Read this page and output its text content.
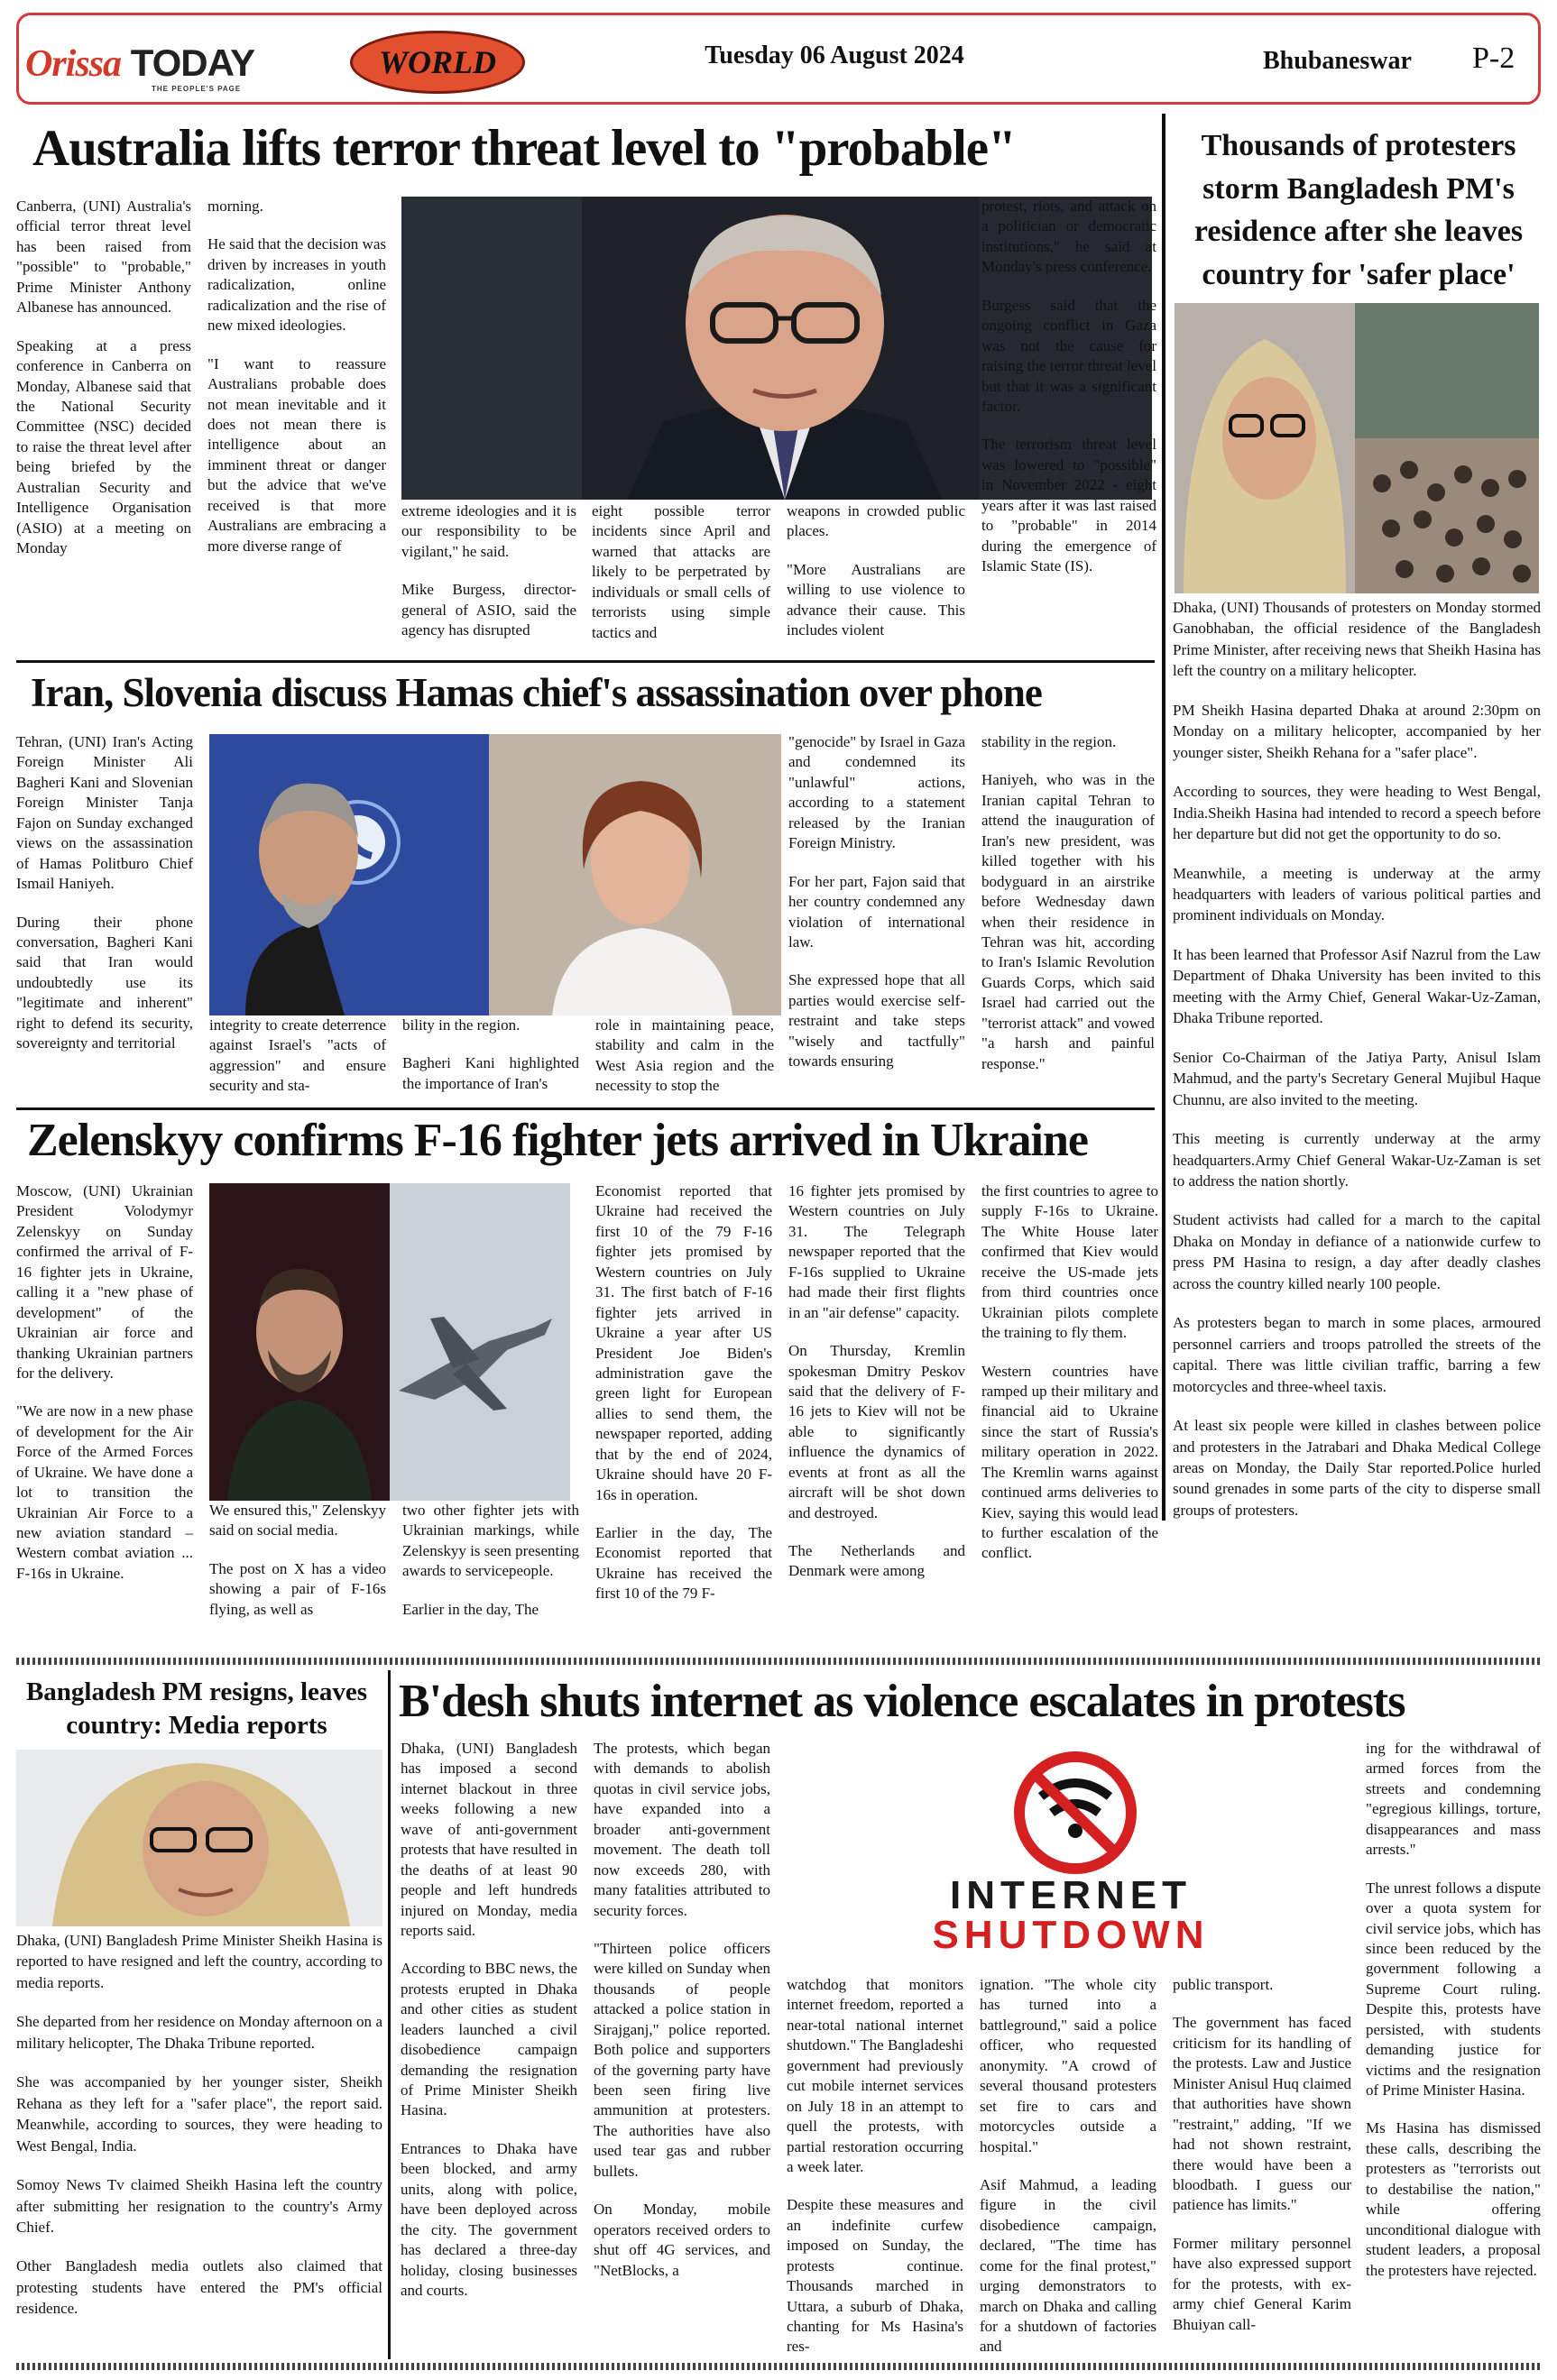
Orissa TODAY
THE PEOPLE'S PAGE
WORLD	Tuesday 06 August 2024	Bhubaneswar P-2
Australia lifts terror threat level to "probable"

Canberra, (UNI) Australia's official terror threat level has been raised from "possible" to "probable," Prime Minister Anthony Albanese has announced.

Speaking at a press conference in Canberra on Monday, Albanese said that the National Security Committee (NSC) decided to raise the threat level after being briefed by the Australian Security and Intelligence Organisation (ASIO) at a meeting on Monday

morning.

He said that the decision was driven by increases in youth radicalization, online radicalization and the rise of new mixed ideologies.

"I want to reassure Australians probable does not mean inevitable and it does not mean there is intelligence about an imminent threat or danger but the advice that we've received is that more Australians are embracing a more diverse range of

extreme ideologies and it is our responsibility to be vigilant," he said.

Mike Burgess, director-general of ASIO, said the agency has disrupted

eight possible terror incidents since April and warned that attacks are likely to be perpetrated by individuals or small cells of terrorists using simple tactics and

weapons in crowded public places.

"More Australians are willing to use violence to advance their cause. This includes violent

protest, riots, and attack on a politician or democratic institutions," he said at Monday's press conference.

Burgess said that the ongoing conflict in Gaza was not the cause for raising the terror threat level but that it was a significant factor.

The terrorism threat level was lowered to "possible" in November 2022 - eight years after it was last raised to "probable" in 2014 during the emergence of Islamic State (IS).

Iran, Slovenia discuss Hamas chief's assassination over phone

Tehran, (UNI) Iran's Acting Foreign Minister Ali Bagheri Kani and Slovenian Foreign Minister Tanja Fajon on Sunday exchanged views on the assassination of Hamas Politburo Chief Ismail Haniyeh.

During their phone conversation, Bagheri Kani said that Iran would undoubtedly use its "legitimate and inherent" right to defend its security, sovereignty and territorial

integrity to create deterrence against Israel's "acts of aggression" and ensure security and sta-

bility in the region.

Bagheri Kani highlighted the importance of Iran's

role in maintaining peace, stability and calm in the West Asia region and the necessity to stop the

"genocide" by Israel in Gaza and condemned its "unlawful" actions, according to a statement released by the Iranian Foreign Ministry.

For her part, Fajon said that her country condemned any violation of international law.

She expressed hope that all parties would exercise self-restraint and take steps "wisely and tactfully" towards ensuring

stability in the region.

Haniyeh, who was in the Iranian capital Tehran to attend the inauguration of Iran's new president, was killed together with his bodyguard in an airstrike before Wednesday dawn when their residence in Tehran was hit, according to Iran's Islamic Revolution Guards Corps, which said Israel had carried out the "terrorist attack" and vowed "a harsh and painful response."

Zelenskyy confirms F-16 fighter jets arrived in Ukraine

Moscow, (UNI) Ukrainian President Volodymyr Zelenskyy on Sunday confirmed the arrival of F-16 fighter jets in Ukraine, calling it a "new phase of development" of the Ukrainian air force and thanking Ukrainian partners for the delivery.

"We are now in a new phase of development for the Air Force of the Armed Forces of Ukraine. We have done a lot to transition the Ukrainian Air Force to a new aviation standard – Western combat aviation ... F-16s in Ukraine.

We ensured this," Zelenskyy said on social media.

The post on X has a video showing a pair of F-16s flying, as well as

two other fighter jets with Ukrainian markings, while Zelenskyy is seen presenting awards to servicepeople.

Earlier in the day, The

Economist reported that Ukraine had received the first 10 of the 79 F-16 fighter jets promised by Western countries on July 31. The first batch of F-16 fighter jets arrived in Ukraine a year after US President Joe Biden's administration gave the green light for European allies to send them, the newspaper reported, adding that by the end of 2024, Ukraine should have 20 F-16s in operation.

Earlier in the day, The Economist reported that Ukraine has received the first 10 of the 79 F-

16 fighter jets promised by Western countries on July 31. The Telegraph newspaper reported that the F-16s supplied to Ukraine had made their first flights in an "air defense" capacity.

On Thursday, Kremlin spokesman Dmitry Peskov said that the delivery of F-16 jets to Kiev will not be able to significantly influence the dynamics of events at front as all the aircraft will be shot down and destroyed.

The Netherlands and Denmark were among

the first countries to agree to supply F-16s to Ukraine. The White House later confirmed that Kiev would receive the US-made jets from third countries once Ukrainian pilots complete the training to fly them.

Western countries have ramped up their military and financial aid to Ukraine since the start of Russia's military operation in 2022. The Kremlin warns against continued arms deliveries to Kiev, saying this would lead to further escalation of the conflict.

Thousands of protesters storm Bangladesh PM's residence after she leaves country for 'safer place'

Dhaka, (UNI) Thousands of protesters on Monday stormed Ganobhaban, the official residence of the Bangladesh Prime Minister, after receiving news that Sheikh Hasina has left the country on a military helicopter.

PM Sheikh Hasina departed Dhaka at around 2:30pm on Monday on a military helicopter, accompanied by her younger sister, Sheikh Rehana for a "safer place".

According to sources, they were heading to West Bengal, India.Sheikh Hasina had intended to record a speech before her departure but did not get the opportunity to do so.

Meanwhile, a meeting is underway at the army headquarters with leaders of various political parties and prominent individuals on Monday.

It has been learned that Professor Asif Nazrul from the Law Department of Dhaka University has been invited to this meeting with the Army Chief, General Wakar-Uz-Zaman, Dhaka Tribune reported.

Senior Co-Chairman of the Jatiya Party, Anisul Islam Mahmud, and the party's Secretary General Mujibul Haque Chunnu, are also invited to the meeting.

This meeting is currently underway at the army headquarters.Army Chief General Wakar-Uz-Zaman is set to address the nation shortly.

Student activists had called for a march to the capital Dhaka on Monday in defiance of a nationwide curfew to press PM Hasina to resign, a day after deadly clashes across the country killed nearly 100 people.

As protesters began to march in some places, armoured personnel carriers and troops patrolled the streets of the capital. There was little civilian traffic, barring a few motorcycles and three-wheel taxis.

At least six people were killed in clashes between police and protesters in the Jatrabari and Dhaka Medical College areas on Monday, the Daily Star reported.Police hurled sound grenades in some parts of the city to disperse small groups of protesters.

Bangladesh PM resigns, leaves country: Media reports

Dhaka, (UNI) Bangladesh Prime Minister Sheikh Hasina is reported to have resigned and left the country, according to media reports.

She departed from her residence on Monday afternoon on a military helicopter, The Dhaka Tribune reported.

She was accompanied by her younger sister, Sheikh Rehana as they left for a "safer place", the report said. Meanwhile, according to sources, they were heading to West Bengal, India.

Somoy News Tv claimed Sheikh Hasina left the country after submitting her resignation to the country's Army Chief.

Other Bangladesh media outlets also claimed that protesting students have entered the PM's official residence.

B'desh shuts internet as violence escalates in protests

Dhaka, (UNI) Bangladesh has imposed a second internet blackout in three weeks following a new wave of anti-government protests that have resulted in the deaths of at least 90 people and left hundreds injured on Monday, media reports said.

According to BBC news, the protests erupted in Dhaka and other cities as student leaders launched a civil disobedience campaign demanding the resignation of Prime Minister Sheikh Hasina.

Entrances to Dhaka have been blocked, and army units, along with police, have been deployed across the city. The government has declared a three-day holiday, closing businesses and courts.

The protests, which began with demands to abolish quotas in civil service jobs, have expanded into a broader anti-government movement. The death toll now exceeds 280, with many fatalities attributed to security forces.

"Thirteen police officers were killed on Sunday when thousands of people attacked a police station in Sirajganj," police reported. Both police and supporters of the governing party have been seen firing live ammunition at protesters. The authorities have also used tear gas and rubber bullets.

On Monday, mobile operators received orders to shut off 4G services, and "NetBlocks, a

INTERNET
SHUTDOWN

watchdog that monitors internet freedom, reported a near-total national internet shutdown." The Bangladeshi government had previously cut mobile internet services on July 18 in an attempt to quell the protests, with partial restoration occurring a week later.

Despite these measures and an indefinite curfew imposed on Sunday, the protests continue. Thousands marched in Uttara, a suburb of Dhaka, chanting for Ms Hasina's res-

ignation. "The whole city has turned into a battleground," said a police officer, who requested anonymity. "A crowd of several thousand protesters set fire to cars and motorcycles outside a hospital."

Asif Mahmud, a leading figure in the civil disobedience campaign, declared, "The time has come for the final protest," urging demonstrators to march on Dhaka and calling for a shutdown of factories and

public transport.

The government has faced criticism for its handling of the protests. Law and Justice Minister Anisul Huq claimed that authorities have shown "restraint," adding, "If we had not shown restraint, there would have been a bloodbath. I guess our patience has limits."

Former military personnel have also expressed support for the protests, with ex-army chief General Karim Bhuiyan call-

ing for the withdrawal of armed forces from the streets and condemning "egregious killings, torture, disappearances and mass arrests."

The unrest follows a dispute over a quota system for civil service jobs, which has since been reduced by the government following a Supreme Court ruling. Despite this, protests have persisted, with students demanding justice for victims and the resignation of Prime Minister Hasina.

Ms Hasina has dismissed these calls, describing the protesters as "terrorists out to destabilise the nation," while offering unconditional dialogue with student leaders, a proposal the protesters have rejected.
